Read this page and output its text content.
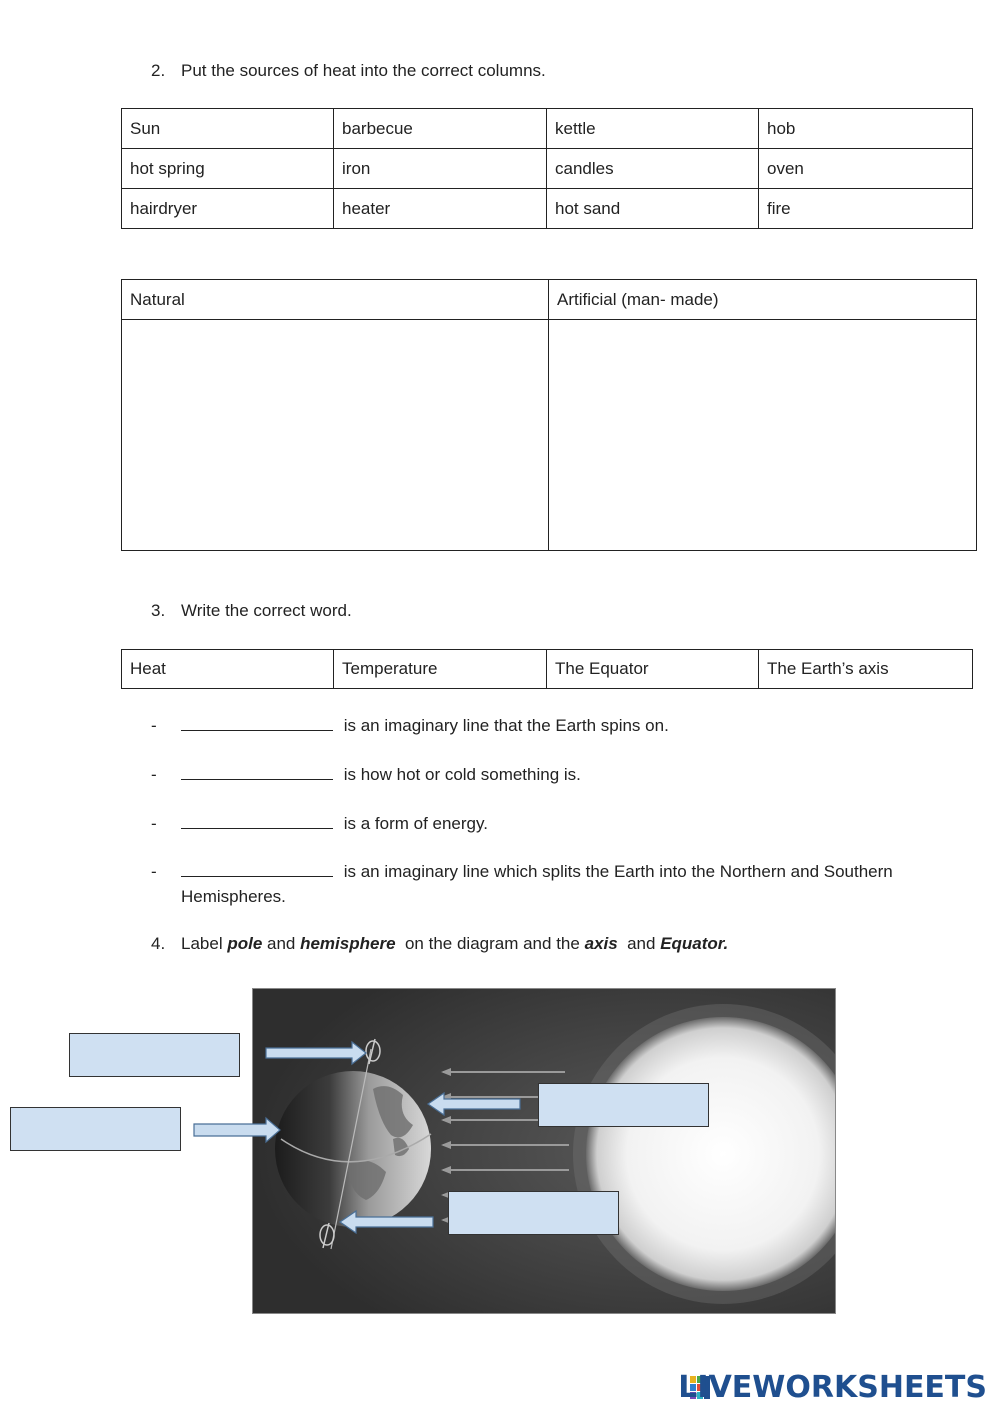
2. Put the sources of heat into the correct columns.
Sun	barbecue	kettle	hob
hot spring	iron	candles	oven
hairdryer	heater	hot sand	fire
Natural	Artificial (man- made)

3. Write the correct word.
Heat	Temperature	The Equator	The Earth’s axis
-	is an imaginary line that the Earth spins on.
-	is how hot or cold something is.
-	is a form of energy.
-	is an imaginary line which splits the Earth into the Northern and Southern Hemispheres.
4. Label pole and hemisphere  on the diagram and the axis  and Equator.
LIVEWORKSHEETS
